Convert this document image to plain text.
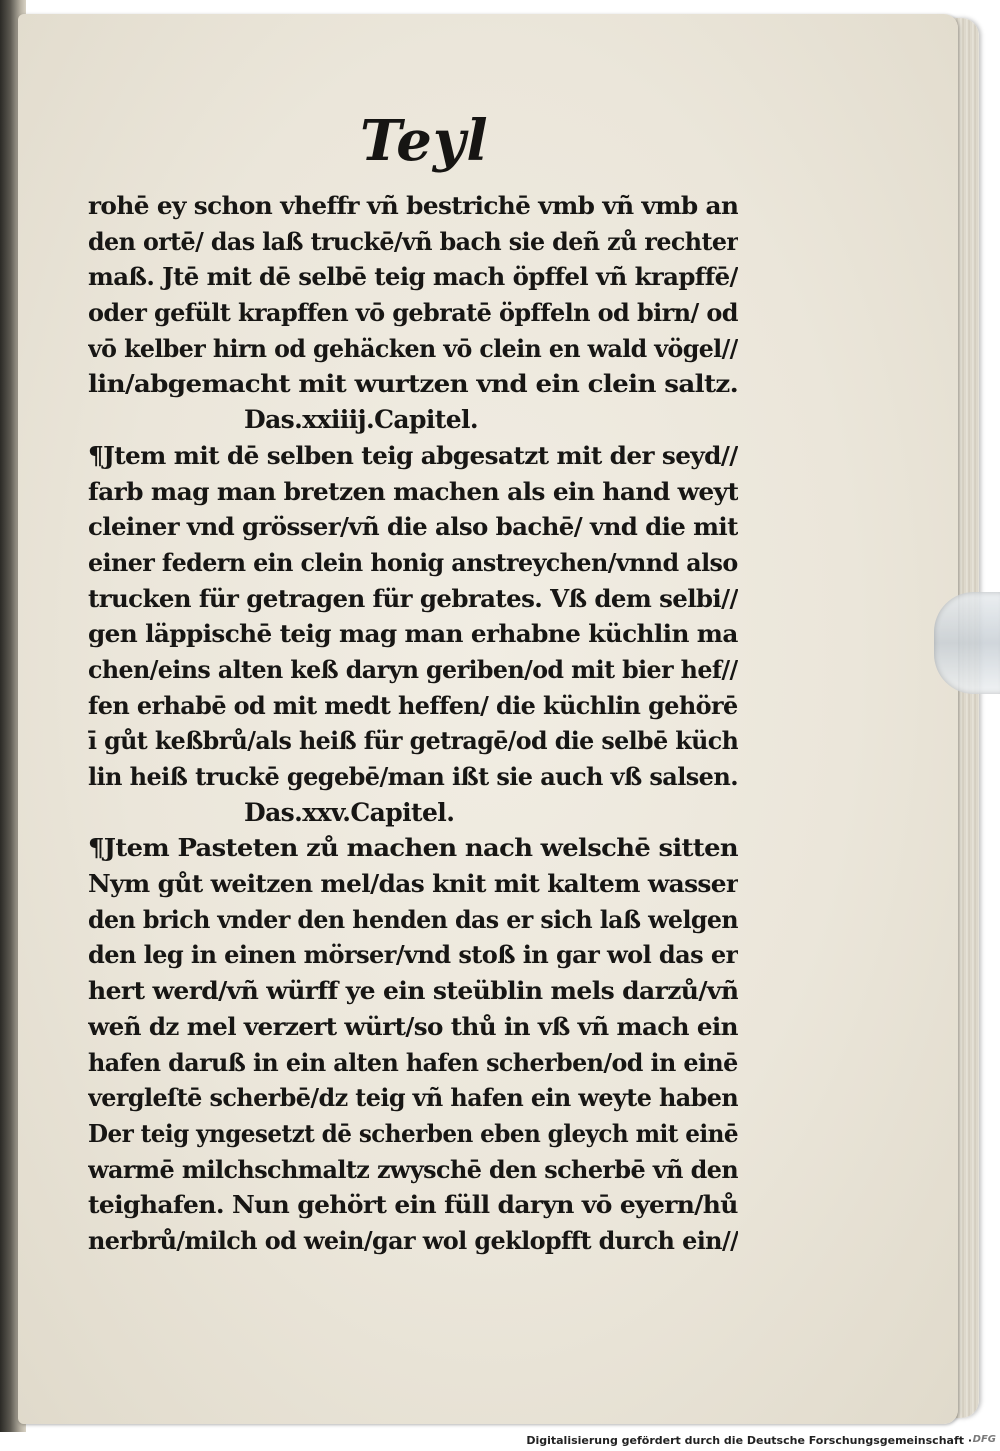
Teyl
rohē ey schon vheffr vñ bestrichē vmb vñ vmb an
den ortē/ das laß truckē/vñ bach sie deñ zů rechter
maß. Jtē mit dē selbē teig mach öpffel vñ krapffē/
oder gefült krapffen vō gebratē öpffeln od birn/ od
vō kelber hirn od gehäcken vō clein en wald vögel//
lin/abgemacht mit wurtzen vnd ein clein saltz.
Das.xxiiij.Capitel.
¶Jtem mit dē selben teig abgesatzt mit der seyd//
farb mag man bretzen machen als ein hand weyt
cleiner vnd grösser/vñ die also bachē/ vnd die mit
einer federn ein clein honig anstreychen/vnnd also
trucken für getragen für gebrates. Vß dem selbi//
gen läppischē teig mag man erhabne küchlin ma
chen/eins alten keß daryn geriben/od mit bier hef//
fen erhabē od mit medt heffen/ die küchlin gehörē
ī gůt keßbrů/als heiß für getragē/od die selbē küch
lin heiß truckē gegebē/man ißt sie auch vß salsen.
Das.xxv.Capitel.
¶Jtem Pasteten zů machen nach welschē sitten
Nym gůt weitzen mel/das knit mit kaltem wasser
den brich vnder den henden das er sich laß welgen
den leg in einen mörser/vnd stoß in gar wol das er
hert werd/vñ würff ye ein steüblin mels darzů/vñ
weñ dz mel verzert würt/so thů in vß vñ mach ein
hafen daruß in ein alten hafen scherben/od in einē
vergleſtē scherbē/dz teig vñ hafen ein weyte haben
Der teig yngesetzt dē scherben eben gleych mit einē
warmē milchschmaltz zwyschē den scherbē vñ den
teighafen. Nun gehört ein füll daryn vō eyern/hů
nerbrů/milch od wein/gar wol geklopfft durch ein//
Digitalisierung gefördert durch die Deutsche Forschungsgemeinschaft · DFG
